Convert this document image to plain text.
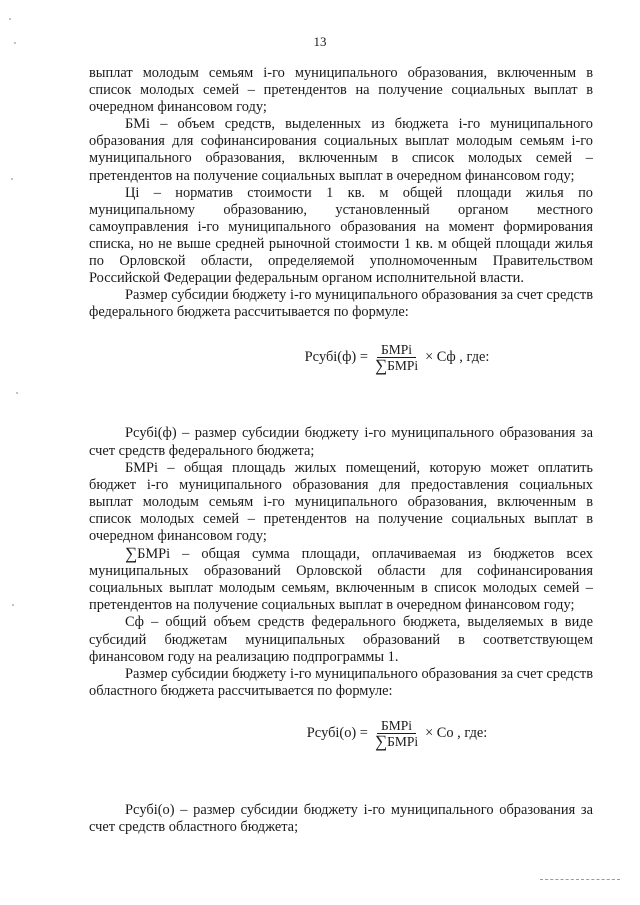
13

выплат молодым семьям i-го муниципального образования, включенным в список молодых семей – претендентов на получение социальных выплат в очередном финансовом году;

БМi – объем средств, выделенных из бюджета i-го муниципального образования для софинансирования социальных выплат молодым семьям i-го муниципального образования, включенным в список молодых семей – претендентов на получение социальных выплат в очередном финансовом году;

Цi – норматив стоимости 1 кв. м общей площади жилья по муниципальному образованию, установленный органом местного самоуправления i-го муниципального образования на момент формирования списка, но не выше средней рыночной стоимости 1 кв. м общей площади жилья по Орловской области, определяемой уполномоченным Правительством Российской Федерации федеральным органом исполнительной власти.

Размер субсидии бюджету i-го муниципального образования за счет средств федерального бюджета рассчитывается по формуле:

Pcубi(ф) = $\frac{\text{БМPi}}{\text{∑БМPi}}$ × Сф , где:

Pcубi(ф) – размер субсидии бюджету i-го муниципального образования за счет средств федерального бюджета;

БМPi – общая площадь жилых помещений, которую может оплатить бюджет i-го муниципального образования для предоставления социальных выплат молодым семьям i-го муниципального образования, включенным в список молодых семей – претендентов на получение социальных выплат в очередном финансовом году;

∑БМPi – общая сумма площади, оплачиваемая из бюджетов всех муниципальных образований Орловской области для софинансирования социальных выплат молодым семьям, включенным в список молодых семей – претендентов на получение социальных выплат в очередном финансовом году;

Сф – общий объем средств федерального бюджета, выделяемых в виде субсидий бюджетам муниципальных образований в соответствующем финансовом году на реализацию подпрограммы 1.

Размер субсидии бюджету i-го муниципального образования за счет средств областного бюджета рассчитывается по формуле:

Pcубi(о) = $\frac{\text{БМPi}}{\text{∑БМPi}}$ × Со , где:

Pcубi(о) – размер субсидии бюджету i-го муниципального образования за счет средств областного бюджета;
